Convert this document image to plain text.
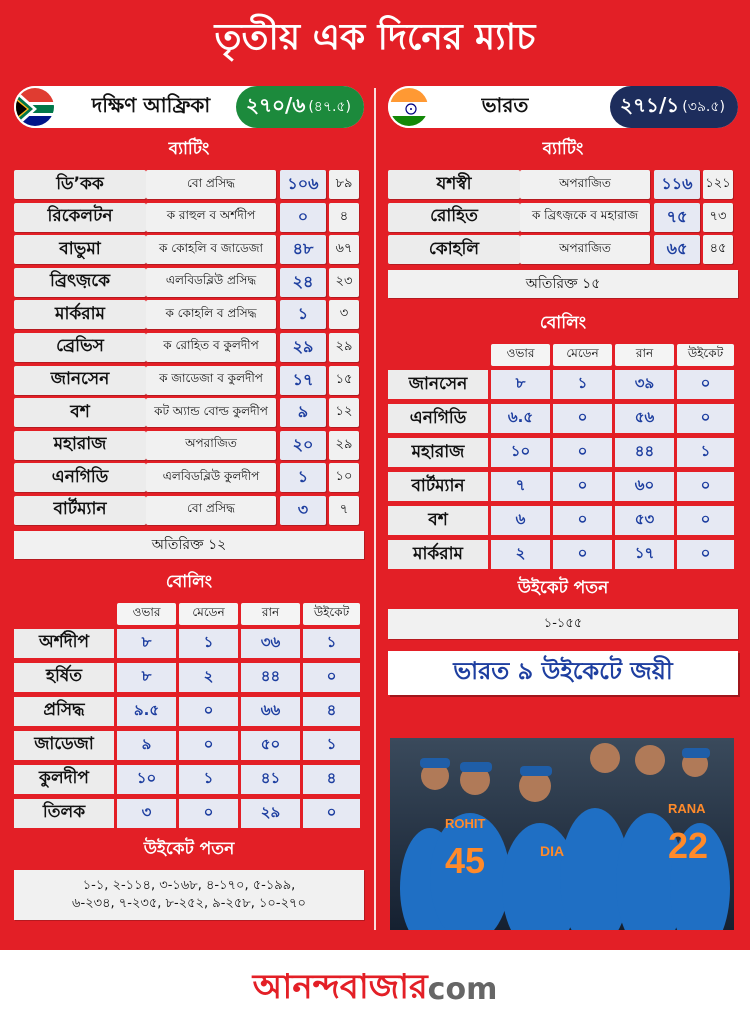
তৃতীয় এক দিনের ম্যাচ
দক্ষিণ আফ্রিকা	২৭০/৬ (৪৭.৫)
ব্যাটিং
ডি’কক	বো প্রসিদ্ধ	১০৬	৮৯
রিকেলটন	ক রাহুল ব অর্শদীপ	০	৪
বাভুমা	ক কোহলি ব জাডেজা	৪৮	৬৭
ব্রিৎজ়কে	এলবিডব্লিউ প্রসিদ্ধ	২৪	২৩
মার্করাম	ক কোহলি ব প্রসিদ্ধ	১	৩
ব্রেভিস	ক রোহিত ব কুলদীপ	২৯	২৯
জানসেন	ক জাডেজা ব কুলদীপ	১৭	১৫
বশ	কট অ্যান্ড বোল্ড কুলদীপ	৯	১২
মহারাজ	অপরাজিত	২০	২৯
এনগিডি	এলবিডব্লিউ কুলদীপ	১	১০
বার্টম্যান	বো প্রসিদ্ধ	৩	৭
অতিরিক্ত ১২
বোলিং
ওভার	মেডেন	রান	উইকেট
অর্শদীপ	৮	১	৩৬	১
হর্ষিত	৮	২	৪৪	০
প্রসিদ্ধ	৯.৫	০	৬৬	৪
জাডেজা	৯	০	৫০	১
কুলদীপ	১০	১	৪১	৪
তিলক	৩	০	২৯	০
উইকেট পতন
১-১, ২-১১৪, ৩-১৬৮, ৪-১৭০, ৫-১৯৯,
৬-২৩৪, ৭-২৩৫, ৮-২৫২, ৯-২৫৮, ১০-২৭০
ভারত	২৭১/১ (৩৯.৫)
ব্যাটিং
যশস্বী	অপরাজিত	১১৬ ১২১
রোহিত	ক ব্রিৎজ়কে ব মহারাজ	৭৫	৭৩
কোহলি	অপরাজিত	৬৫	৪৫
অতিরিক্ত ১৫
বোলিং
ওভার	মেডেন	রান	উইকেট
জানসেন	৮	১	৩৯	০
এনগিডি	৬.৫	০	৫৬	০
মহারাজ	১০	০	৪৪	১
বার্টম্যান	৭	০	৬০	০
বশ	৬	০	৫৩	০
মার্করাম	২	০	১৭	০
উইকেট পতন
১-১৫৫
ভারত ৯ উইকেটে জয়ী
ROHIT
45
RANA
22
DIA
আনন্দবাজার com
